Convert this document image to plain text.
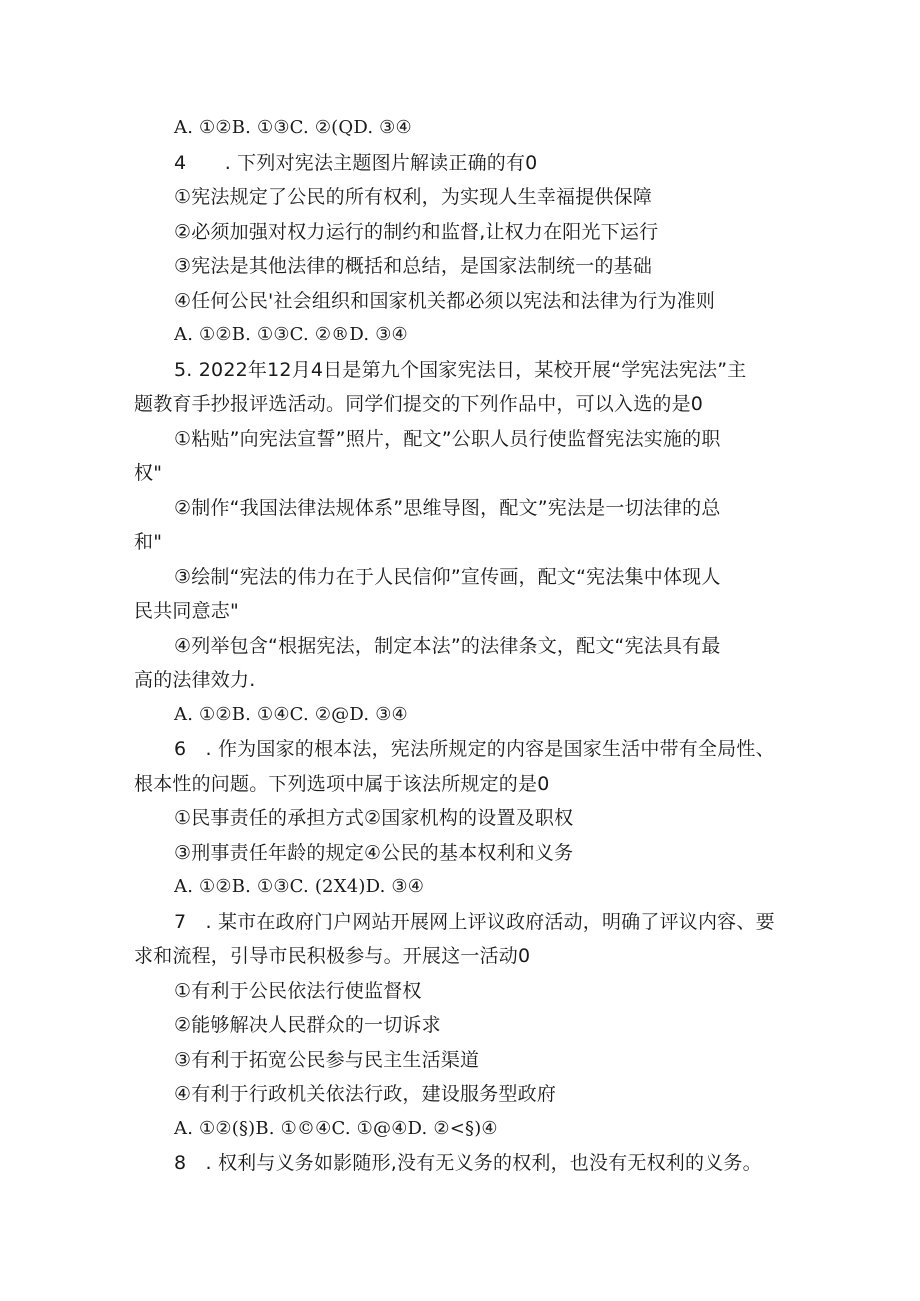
A. ①②B. ①③C. ②(QD. ③④
4　　. 下列对宪法主题图片解读正确的有0
①宪法规定了公民的所有权利，为实现人生幸福提供保障
②必须加强对权力运行的制约和监督,让权力在阳光下运行
③宪法是其他法律的概括和总结，是国家法制统一的基础
④任何公民'社会组织和国家机关都必须以宪法和法律为行为准则
A. ①②B. ①③C. ②®D. ③④
5. 2022年12月4日是第九个国家宪法日，某校开展“学宪法宪法”主
题教育手抄报评选活动。同学们提交的下列作品中，可以入选的是0
①粘贴”向宪法宣誓”照片，配文”公职人员行使监督宪法实施的职
权"
②制作“我国法律法规体系”思维导图，配文”宪法是一切法律的总
和"
③绘制“宪法的伟力在于人民信仰”宣传画，配文“宪法集中体现人
民共同意志"
④列举包含“根据宪法，制定本法”的法律条文，配文“宪法具有最
高的法律效力.
A. ①②B. ①④C. ②@D. ③④
6　. 作为国家的根本法，宪法所规定的内容是国家生活中带有全局性、
根本性的问题。下列选项中属于该法所规定的是0
①民事责任的承担方式②国家机构的设置及职权
③刑事责任年龄的规定④公民的基本权利和义务
A. ①②B. ①③C. (2X4)D. ③④
7　. 某市在政府门户网站开展网上评议政府活动，明确了评议内容、要
求和流程，引导市民积极参与。开展这一活动0
①有利于公民依法行使监督权
②能够解决人民群众的一切诉求
③有利于拓宽公民参与民主生活渠道
④有利于行政机关依法行政，建设服务型政府
A. ①②(§)B. ①©④C. ①@④D. ②<§)④
8　. 权利与义务如影随形,没有无义务的权利，也没有无权利的义务。
